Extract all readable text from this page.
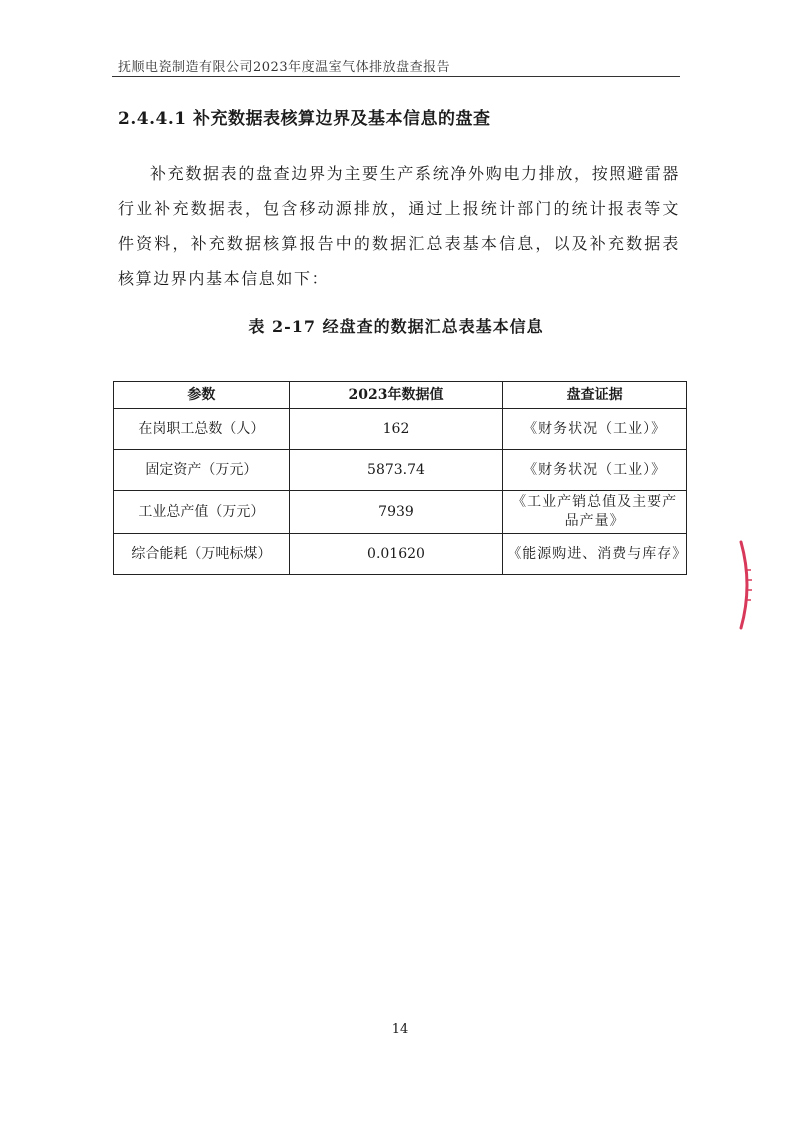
抚顺电瓷制造有限公司2023年度温室气体排放盘查报告
2.4.4.1 补充数据表核算边界及基本信息的盘查

补充数据表的盘查边界为主要生产系统净外购电力排放，按照避雷器行业补充数据表，包含移动源排放，通过上报统计部门的统计报表等文件资料，补充数据核算报告中的数据汇总表基本信息，以及补充数据表核算边界内基本信息如下：

表 2-17 经盘查的数据汇总表基本信息
参数	2023年数据值	盘查证据
在岗职工总数（人）	162	《财务状况（工业）》
固定资产（万元）	5873.74	《财务状况（工业）》
工业总产值（万元）	7939	《工业产销总值及主要产品产量》
综合能耗（万吨标煤）	0.01620	《能源购进、消费与库存》
14
